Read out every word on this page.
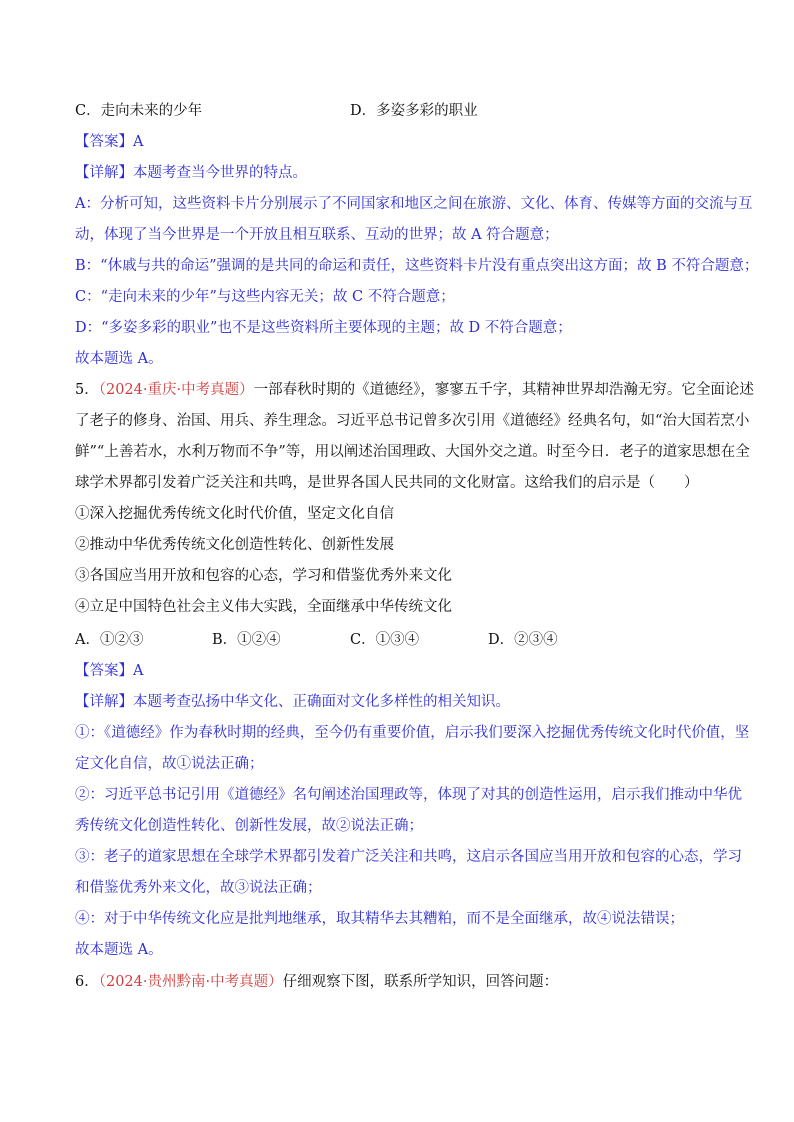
C．走向未来的少年	D．多姿多彩的职业
【答案】A
【详解】本题考查当今世界的特点。
A：分析可知，这些资料卡片分别展示了不同国家和地区之间在旅游、文化、体育、传媒等方面的交流与互
动，体现了当今世界是一个开放且相互联系、互动的世界；故 A 符合题意；
B：“休戚与共的命运”强调的是共同的命运和责任，这些资料卡片没有重点突出这方面；故 B 不符合题意；
C：“走向未来的少年”与这些内容无关；故 C 不符合题意；
D：“多姿多彩的职业”也不是这些资料所主要体现的主题；故 D 不符合题意；
故本题选 A。
5．（2024·重庆·中考真题）一部春秋时期的《道德经》，寥寥五千字，其精神世界却浩瀚无穷。它全面论述
了老子的修身、治国、用兵、养生理念。习近平总书记曾多次引用《道德经》经典名句，如“治大国若烹小
鲜”“上善若水，水利万物而不争”等，用以阐述治国理政、大国外交之道。时至今日．老子的道家思想在全
球学术界都引发着广泛关注和共鸣，是世界各国人民共同的文化财富。这给我们的启示是（　　）
①深入挖掘优秀传统文化时代价值，坚定文化自信
②推动中华优秀传统文化创造性转化、创新性发展
③各国应当用开放和包容的心态，学习和借鉴优秀外来文化
④立足中国特色社会主义伟大实践，全面继承中华传统文化
A．①②③	B．①②④	C．①③④	D．②③④
【答案】A
【详解】本题考查弘扬中华文化、正确面对文化多样性的相关知识。
①：《道德经》作为春秋时期的经典，至今仍有重要价值，启示我们要深入挖掘优秀传统文化时代价值，坚
定文化自信，故①说法正确；
②：习近平总书记引用《道德经》名句阐述治国理政等，体现了对其的创造性运用，启示我们推动中华优
秀传统文化创造性转化、创新性发展，故②说法正确；
③：老子的道家思想在全球学术界都引发着广泛关注和共鸣，这启示各国应当用开放和包容的心态，学习
和借鉴优秀外来文化，故③说法正确；
④：对于中华传统文化应是批判地继承，取其精华去其糟粕，而不是全面继承，故④说法错误；
故本题选 A。
6．（2024·贵州黔南·中考真题）仔细观察下图，联系所学知识，回答问题：
